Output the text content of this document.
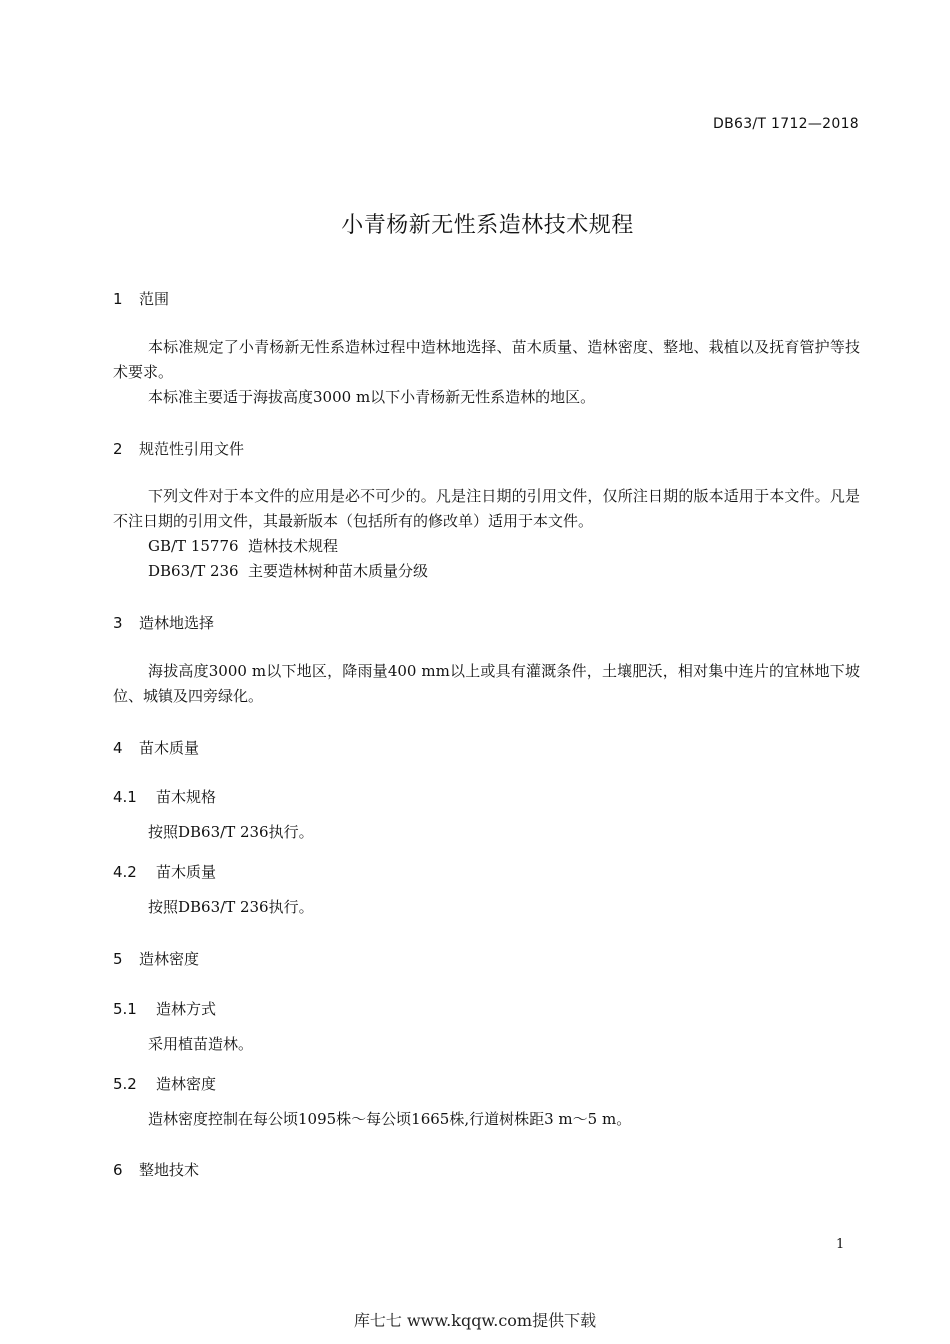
DB63/T 1712—2018
小青杨新无性系造林技术规程
1 范围
本标准规定了小青杨新无性系造林过程中造林地选择、苗木质量、造林密度、整地、栽植以及抚育管护等技术要求。
本标准主要适于海拔高度3000 m以下小青杨新无性系造林的地区。
2 规范性引用文件
下列文件对于本文件的应用是必不可少的。凡是注日期的引用文件，仅所注日期的版本适用于本文件。凡是不注日期的引用文件，其最新版本（包括所有的修改单）适用于本文件。
GB/T 15776 造林技术规程
DB63/T 236 主要造林树种苗木质量分级
3 造林地选择
海拔高度3000 m以下地区，降雨量400 mm以上或具有灌溉条件，土壤肥沃，相对集中连片的宜林地下坡位、城镇及四旁绿化。
4 苗木质量
4.1 苗木规格
按照DB63/T 236执行。
4.2 苗木质量
按照DB63/T 236执行。
5 造林密度
5.1 造林方式
采用植苗造林。
5.2 造林密度
造林密度控制在每公顷1095株～每公顷1665株,行道树株距3 m～5 m。
6 整地技术
1
库七七 www.kqqw.com提供下载
